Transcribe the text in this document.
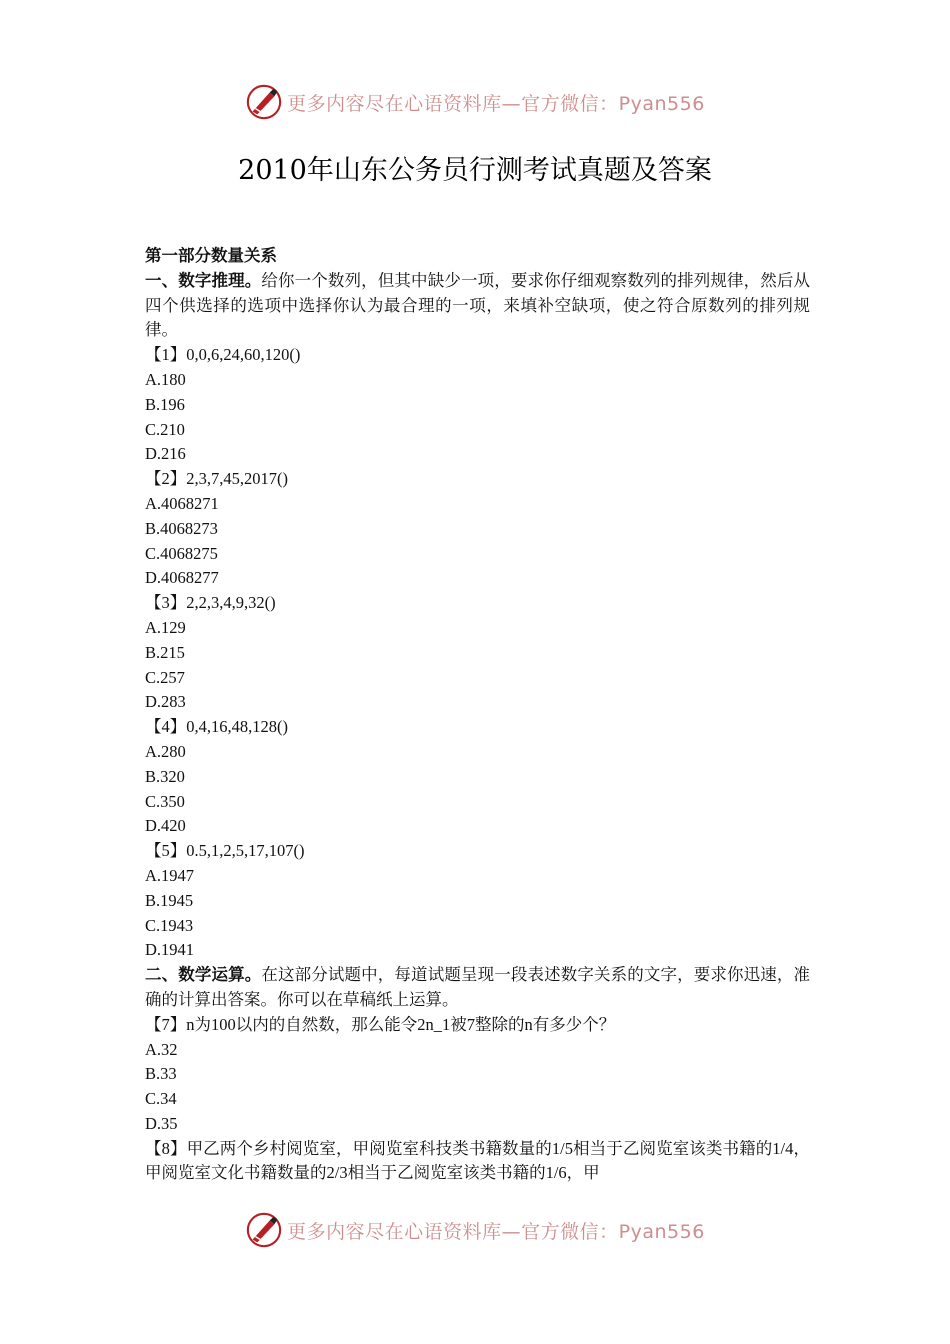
更多内容尽在心语资料库—官方微信：Pyan556
2010年山东公务员行测考试真题及答案

第一部分数量关系

一、数字推理。给你一个数列，但其中缺少一项，要求你仔细观察数列的排列规律，然后从四个供选择的选项中选择你认为最合理的一项，来填补空缺项，使之符合原数列的排列规律。

【1】0,0,6,24,60,120()

A.180

B.196

C.210

D.216

【2】2,3,7,45,2017()

A.4068271

B.4068273

C.4068275

D.4068277

【3】2,2,3,4,9,32()

A.129

B.215

C.257

D.283

【4】0,4,16,48,128()

A.280

B.320

C.350

D.420

【5】0.5,1,2,5,17,107()

A.1947

B.1945

C.1943

D.1941

二、数学运算。在这部分试题中，每道试题呈现一段表述数字关系的文字，要求你迅速，准确的计算出答案。你可以在草稿纸上运算。

【7】n为100以内的自然数，那么能令2n_1被7整除的n有多少个？

A.32

B.33

C.34

D.35

【8】甲乙两个乡村阅览室，甲阅览室科技类书籍数量的1/5相当于乙阅览室该类书籍的1/4，甲阅览室文化书籍数量的2/3相当于乙阅览室该类书籍的1/6，甲

更多内容尽在心语资料库—官方微信：Pyan556
